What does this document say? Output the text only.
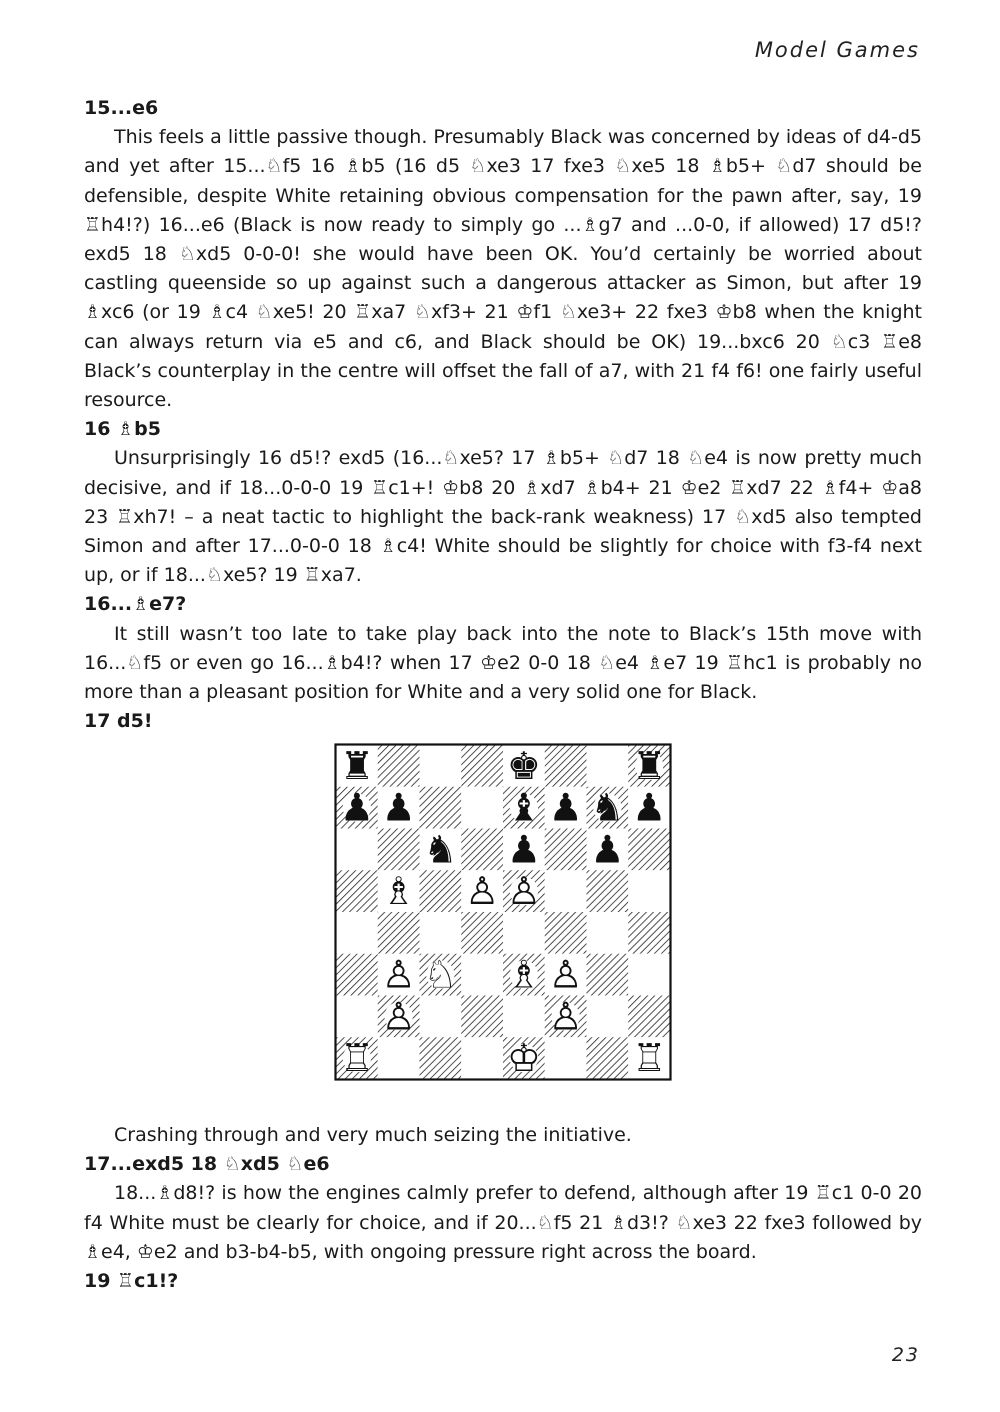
Model Games
15...e6
This feels a little passive though. Presumably Black was concerned by ideas of d4-d5 and yet after 15...♘f5 16 ♗b5 (16 d5 ♘xe3 17 fxe3 ♘xe5 18 ♗b5+ ♘d7 should be defensible, despite White retaining obvious compensation for the pawn after, say, 19 ♖h4!?) 16...e6 (Black is now ready to simply go ...♗g7 and ...0-0, if allowed) 17 d5!? exd5 18 ♘xd5 0-0-0! she would have been OK. You’d certainly be worried about castling queenside so up against such a dangerous attacker as Simon, but after 19 ♗xc6 (or 19 ♗c4 ♘xe5! 20 ♖xa7 ♘xf3+ 21 ♔f1 ♘xe3+ 22 fxe3 ♔b8 when the knight can always return via e5 and c6, and Black should be OK) 19...bxc6 20 ♘c3 ♖e8 Black’s counterplay in the centre will offset the fall of a7, with 21 f4 f6! one fairly useful resource.
16 ♗b5
Unsurprisingly 16 d5!? exd5 (16...♘xe5? 17 ♗b5+ ♘d7 18 ♘e4 is now pretty much decisive, and if 18...0-0-0 19 ♖c1+! ♔b8 20 ♗xd7 ♗b4+ 21 ♔e2 ♖xd7 22 ♗f4+ ♔a8 23 ♖xh7! – a neat tactic to highlight the back-rank weakness) 17 ♘xd5 also tempted Simon and after 17...0-0-0 18 ♗c4! White should be slightly for choice with f3-f4 next up, or if 18...♘xe5? 19 ♖xa7.
16...♗e7?
It still wasn’t too late to take play back into the note to Black’s 15th move with 16...♘f5 or even go 16...♗b4!? when 17 ♔e2 0-0 18 ♘e4 ♗e7 19 ♖hc1 is probably no more than a pleasant position for White and a very solid one for Black.
17 d5!
♜	♚ ♜
♟ ♟ ♝ ♟ ♞ ♟
♞ ♟ ♟
♗ ♙ ♙
♙ ♘ ♗ ♙
♙	♙
♖	♔ ♖
Crashing through and very much seizing the initiative.
17...exd5 18 ♘xd5 ♘e6
18...♗d8!? is how the engines calmly prefer to defend, although after 19 ♖c1 0-0 20 f4 White must be clearly for choice, and if 20...♘f5 21 ♗d3!? ♘xe3 22 fxe3 followed by ♗e4, ♔e2 and b3-b4-b5, with ongoing pressure right across the board.
19 ♖c1!?
23
